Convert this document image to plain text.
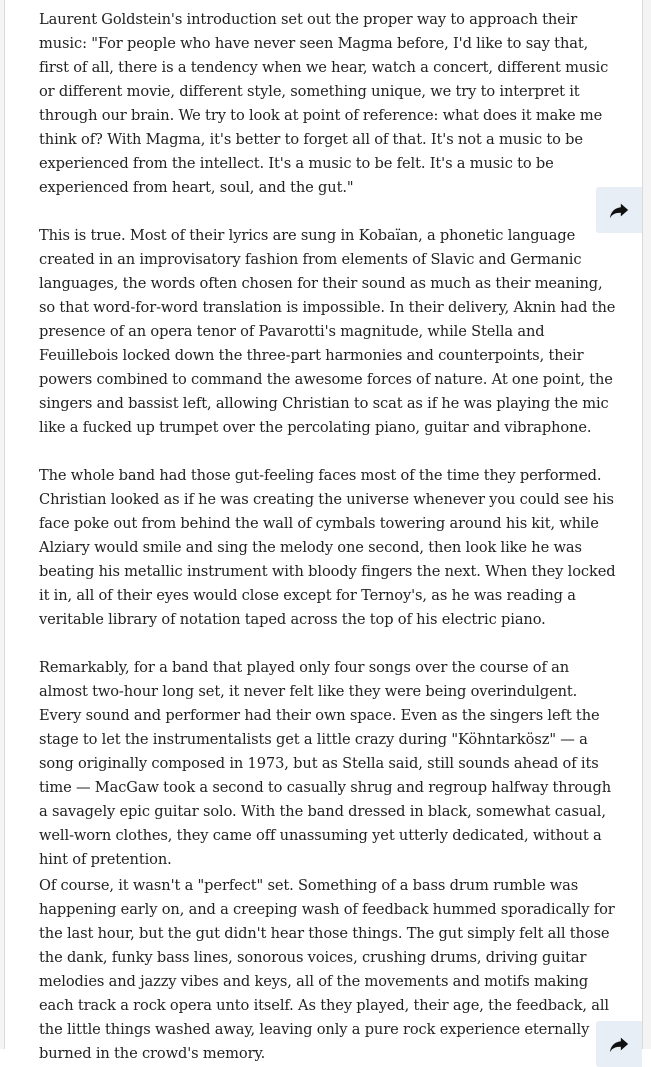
Laurent Goldstein's introduction set out the proper way to approach their music: "For people who have never seen Magma before, I'd like to say that, first of all, there is a tendency when we hear, watch a concert, different music or different movie, different style, something unique, we try to interpret it through our brain. We try to look at point of reference: what does it make me think of? With Magma, it's better to forget all of that. It's not a music to be experienced from the intellect. It's a music to be felt. It's a music to be experienced from heart, soul, and the gut."

This is true. Most of their lyrics are sung in Kobaïan, a phonetic language created in an improvisatory fashion from elements of Slavic and Germanic languages, the words often chosen for their sound as much as their meaning, so that word-for-word translation is impossible. In their delivery, Aknin had the presence of an opera tenor of Pavarotti's magnitude, while Stella and Feuillebois locked down the three-part harmonies and counterpoints, their powers combined to command the awesome forces of nature. At one point, the singers and bassist left, allowing Christian to scat as if he was playing the mic like a fucked up trumpet over the percolating piano, guitar and vibraphone.

The whole band had those gut-feeling faces most of the time they performed. Christian looked as if he was creating the universe whenever you could see his face poke out from behind the wall of cymbals towering around his kit, while Alziary would smile and sing the melody one second, then look like he was beating his metallic instrument with bloody fingers the next. When they locked it in, all of their eyes would close except for Ternoy's, as he was reading a veritable library of notation taped across the top of his electric piano.

Remarkably, for a band that played only four songs over the course of an almost two-hour long set, it never felt like they were being overindulgent. Every sound and performer had their own space. Even as the singers left the stage to let the instrumentalists get a little crazy during "Köhntarkösz" — a song originally composed in 1973, but as Stella said, still sounds ahead of its time — MacGaw took a second to casually shrug and regroup halfway through a savagely epic guitar solo. With the band dressed in black, somewhat casual, well-worn clothes, they came off unassuming yet utterly dedicated, without a hint of pretention.

Of course, it wasn't a "perfect" set. Something of a bass drum rumble was happening early on, and a creeping wash of feedback hummed sporadically for the last hour, but the gut didn't hear those things. The gut simply felt all those the dank, funky bass lines, sonorous voices, crushing drums, driving guitar melodies and jazzy vibes and keys, all of the movements and motifs making each track a rock opera unto itself. As they played, their age, the feedback, all the little things washed away, leaving only a pure rock experience eternally burned in the crowd's memory.
